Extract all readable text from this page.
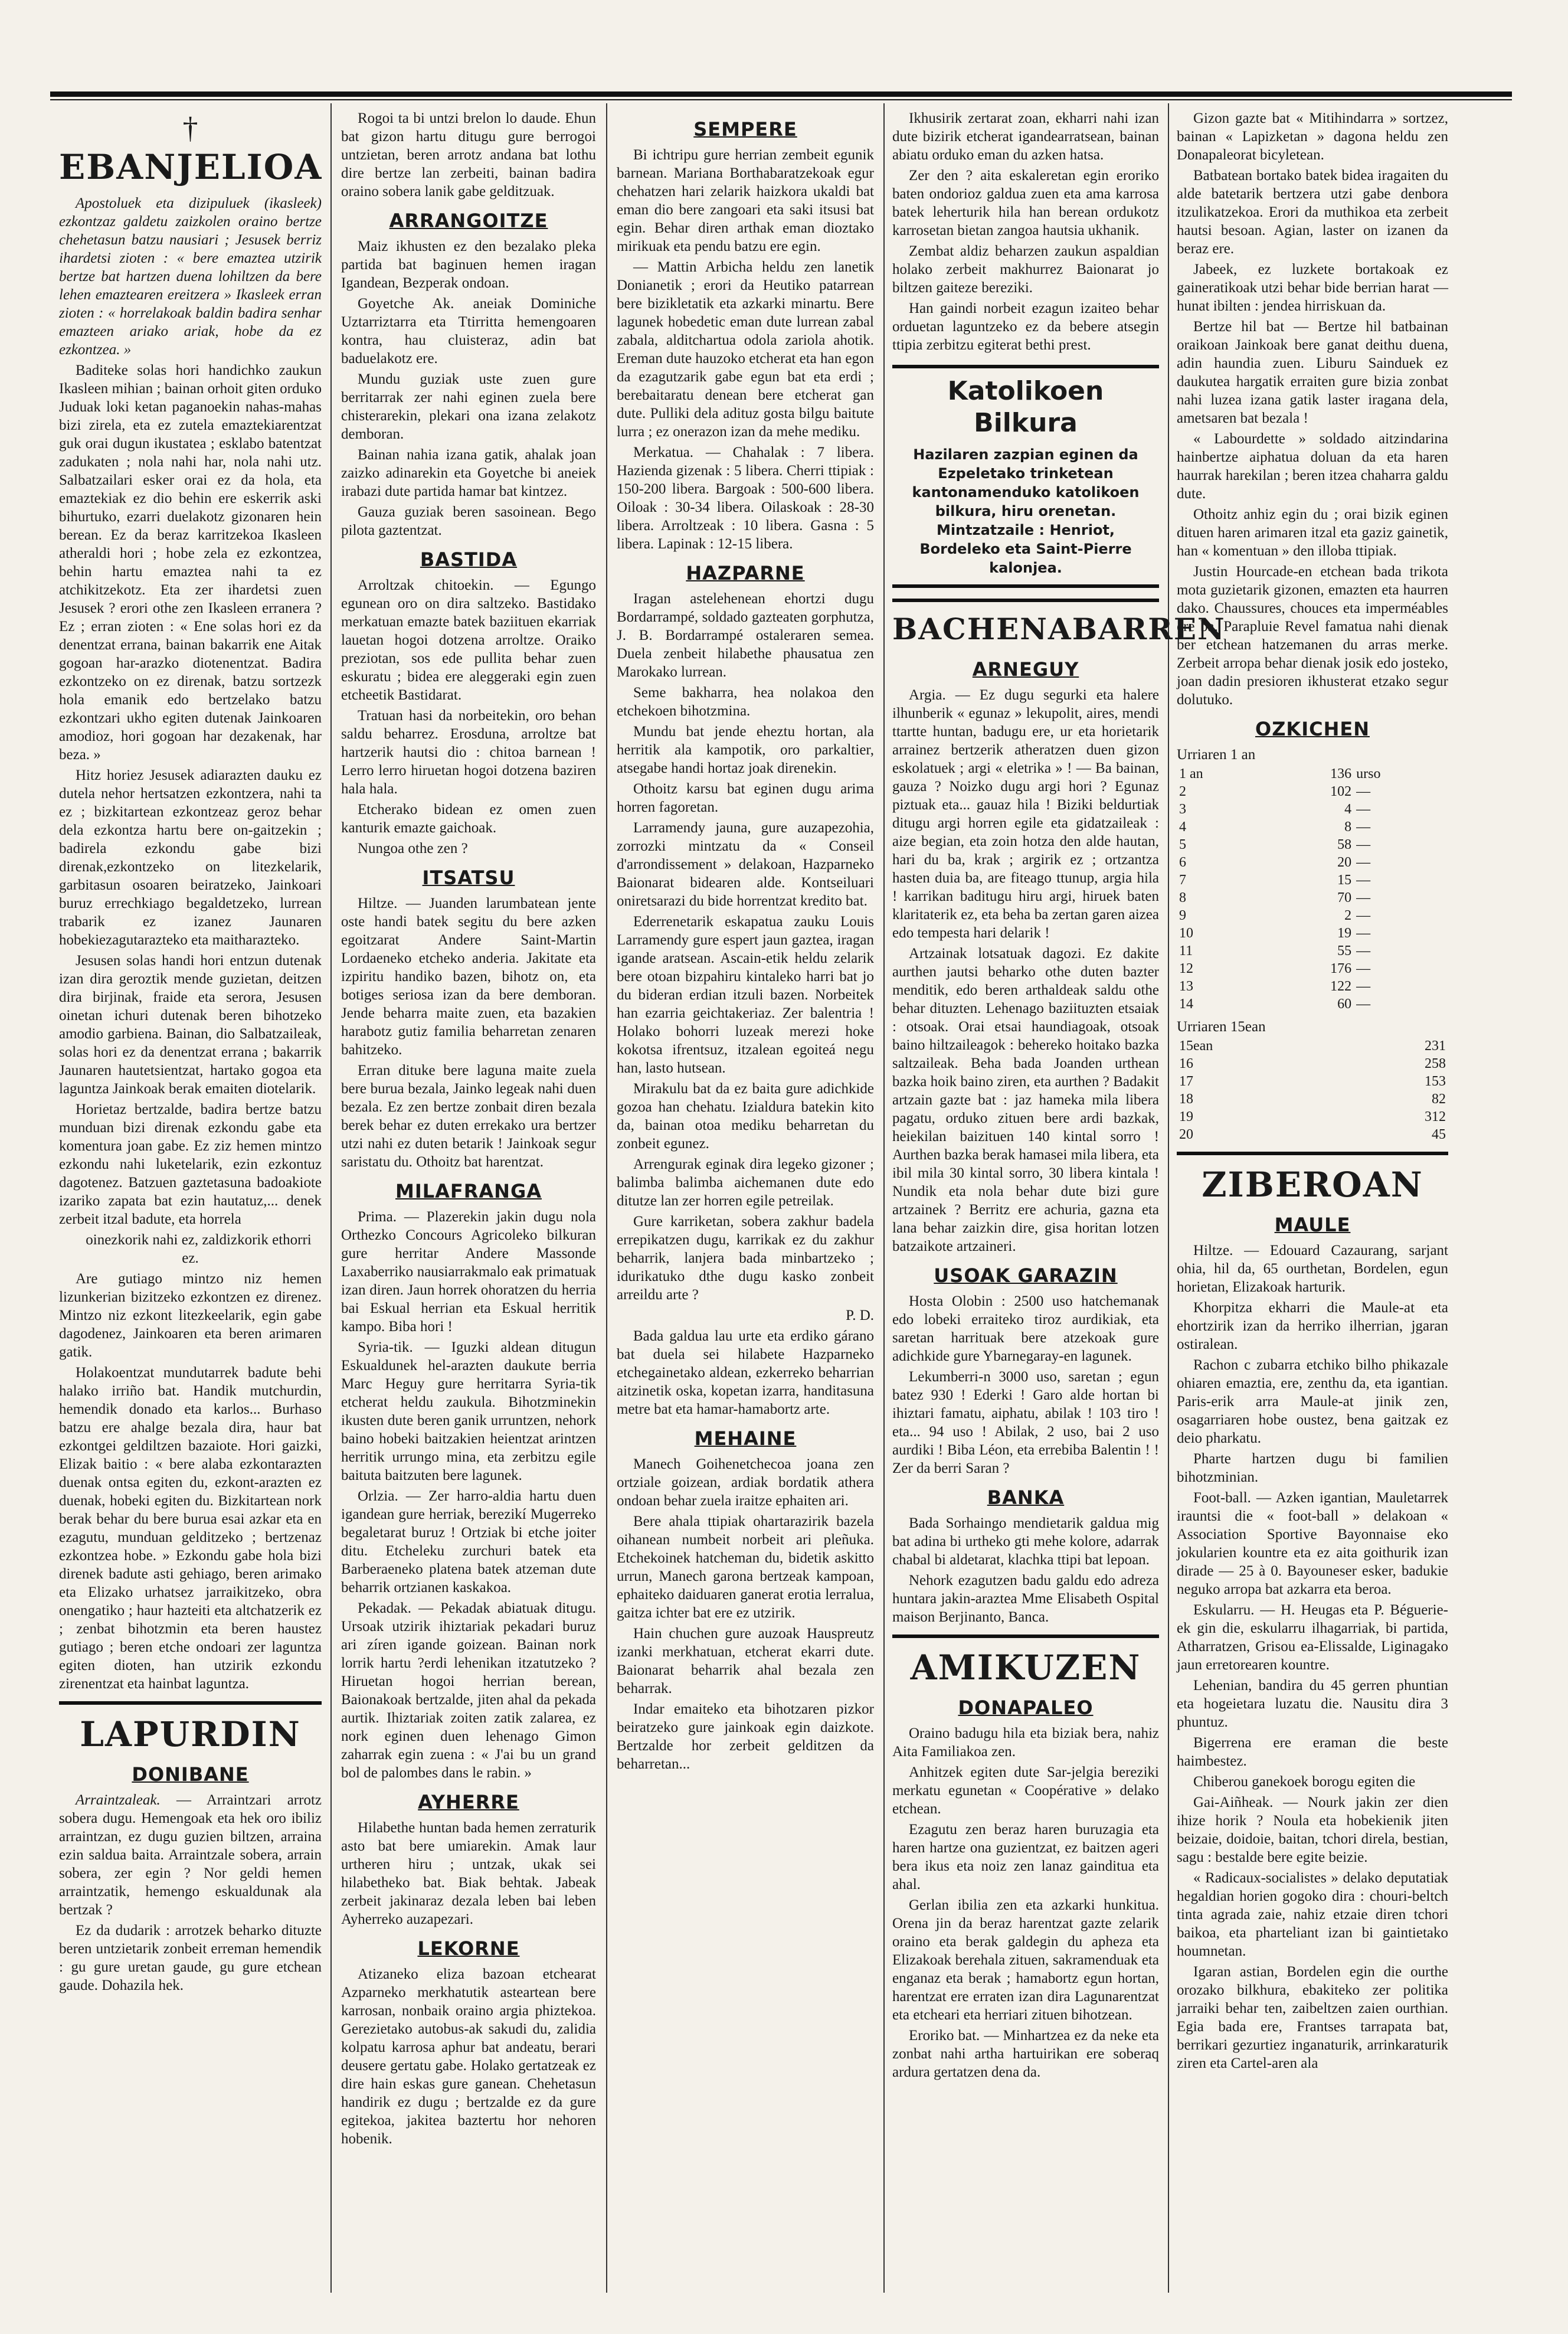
†
EBANJELIOA

Apostoluek eta dizipuluek (ikasleek) ezkontzaz galdetu zaizkolen oraino bertze chehetasun batzu nausiari ; Jesusek berriz ihardetsi zioten : « bere emaztea utzirik bertze bat hartzen duena lohiltzen da bere lehen emaztearen ereitzera » Ikasleek erran zioten : « horrelakoak baldin badira senhar emazteen ariako ariak, hobe da ez ezkontzea. »

Baditeke solas hori handichko zaukun Ikasleen mihian ; bainan orhoit giten orduko Juduak loki ketan paganoekin nahas-mahas bizi zirela, eta ez zutela emaztekiarentzat guk orai dugun ikustatea ; esklabo batentzat zadukaten ; nola nahi har, nola nahi utz. Salbatzailari esker orai ez da hola, eta emaztekiak ez dio behin ere eskerrik aski bihurtuko, ezarri duelakotz gizonaren hein berean. Ez da beraz karritzekoa Ikasleen atheraldi hori ; hobe zela ez ezkontzea, behin hartu emaztea nahi ta ez atchikitzekotz. Eta zer ihardetsi zuen Jesusek ? erori othe zen Ikasleen erranera ? Ez ; erran zioten : « Ene solas hori ez da denentzat errana, bainan bakarrik ene Aitak gogoan har-arazko diotenentzat. Badira ezkontzeko on ez direnak, batzu sortzezk hola emanik edo bertzelako batzu ezkontzari ukho egiten dutenak Jainkoaren amodioz, hori gogoan har dezakenak, har beza. »

Hitz horiez Jesusek adiarazten dauku ez dutela nehor hertsatzen ezkontzera, nahi ta ez ; bizkitartean ezkontzeaz geroz behar dela ezkontza hartu bere on-gaitzekin ; badirela ezkondu gabe bizi direnak,ezkontzeko on litezkelarik, garbitasun osoaren beiratzeko, Jainkoari buruz errechkiago begaldetzeko, lurrean trabarik ez izanez Jaunaren hobekiezagutarazteko eta maitharazteko.

Jesusen solas handi hori entzun dutenak izan dira geroztik mende guzietan, deitzen dira birjinak, fraide eta serora, Jesusen oinetan ichuri dutenak beren bihotzeko amodio garbiena. Bainan, dio Salbatzaileak, solas hori ez da denentzat errana ; bakarrik Jaunaren hautetsientzat, hartako gogoa eta laguntza Jainkoak berak emaiten diotelarik.

Horietaz bertzalde, badira bertze batzu munduan bizi direnak ezkondu gabe eta komentura joan gabe. Ez ziz hemen mintzo ezkondu nahi luketelarik, ezin ezkontuz dagotenez. Batzuen gaztetasuna badoakiote izariko zapata bat ezin hautatuz,... denek zerbeit itzal badute, eta horrela

oinezkorik nahi ez, zaldizkorik ethorri ez.

Are gutiago mintzo niz hemen lizunkerian bizitzeko ezkontzen ez direnez. Mintzo niz ezkont litezkeelarik, egin gabe dagodenez, Jainkoaren eta beren arimaren gatik.

Holakoentzat mundutarrek badute behi halako irriño bat. Handik mutchurdin, hemendik donado eta karlos... Burhaso batzu ere ahalge bezala dira, haur bat ezkontgei geldiltzen bazaiote. Hori gaizki, Elizak baitio : « bere alaba ezkontarazten duenak ontsa egiten du, ezkont-arazten ez duenak, hobeki egiten du. Bizkitartean nork berak behar du bere burua esai azkar eta en ezagutu, munduan gelditzeko ; bertzenaz ezkontzea hobe. » Ezkondu gabe hola bizi direnek badute asti gehiago, beren arimako eta Elizako urhatsez jarraikitzeko, obra onengatiko ; haur hazteiti eta altchatzerik ez ; zenbat bihotzmin eta beren haustez gutiago ; beren etche ondoari zer laguntza egiten dioten, han utzirik ezkondu zirenentzat eta hainbat laguntza.

LAPURDIN
DONIBANE

Arraintzaleak. — Arraintzari arrotz sobera dugu. Hemengoak eta hek oro ibiliz arraintzan, ez dugu guzien biltzen, arraina ezin saldua baita. Arraintzale sobera, arrain sobera, zer egin ? Nor geldi hemen arraintzatik, hemengo eskualdunak ala bertzak ?

Ez da dudarik : arrotzek beharko dituzte beren untzietarik zonbeit erreman hemendik : gu gure uretan gaude, gu gure etchean gaude. Dohazila hek.

Rogoi ta bi untzi brelon lo daude. Ehun bat gizon hartu ditugu gure berrogoi untzietan, beren arrotz andana bat lothu dire bertze lan zerbeiti, bainan badira oraino sobera lanik gabe gelditzuak.

ARRANGOITZE

Maiz ikhusten ez den bezalako pleka partida bat baginuen hemen iragan Igandean, Bezperak ondoan.

Goyetche Ak. aneiak Dominiche Uztarriztarra eta Ttirritta hemengoaren kontra, hau cluisteraz, adin bat baduelakotz ere.

Mundu guziak uste zuen gure berritarrak zer nahi eginen zuela bere chisterarekin, plekari ona izana zelakotz demboran.

Bainan nahia izana gatik, ahalak joan zaizko adinarekin eta Goyetche bi aneiek irabazi dute partida hamar bat kintzez.

Gauza guziak beren sasoinean. Bego pilota gaztentzat.

BASTIDA

Arroltzak chitoekin. — Egungo egunean oro on dira saltzeko. Bastidako merkatuan emazte batek baziituen ekarriak lauetan hogoi dotzena arroltze. Oraiko preziotan, sos ede pullita behar zuen eskuratu ; bidea ere aleggeraki egin zuen etcheetik Bastidarat.

Tratuan hasi da norbeitekin, oro behan saldu beharrez. Erosduna, arroltze bat hartzerik hautsi dio : chitoa barnean ! Lerro lerro hiruetan hogoi dotzena baziren hala hala.

Etcherako bidean ez omen zuen kanturik emazte gaichoak.

Nungoa othe zen ?

ITSATSU

Hiltze. — Juanden larumbatean jente oste handi batek segitu du bere azken egoitzarat Andere Saint-Martin Lordaeneko etcheko anderia. Jakitate eta izpiritu handiko bazen, bihotz on, eta botiges seriosa izan da bere demboran. Jende beharra maite zuen, eta bazakien harabotz gutiz familia beharretan zenaren bahitzeko.

Erran dituke bere laguna maite zuela bere burua bezala, Jainko legeak nahi duen bezala. Ez zen bertze zonbait diren bezala berek behar ez duten errekako ura bertzer utzi nahi ez duten betarik ! Jainkoak segur saristatu du. Othoitz bat harentzat.

MILAFRANGA

Prima. — Plazerekin jakin dugu nola Orthezko Concours Agricoleko bilkuran gure herritar Andere Massonde Laxaberriko nausiarrakmalo eak primatuak izan diren. Jaun horrek ohoratzen du herria bai Eskual herrian eta Eskual herritik kampo. Biba hori !

Syria-tik. — Iguzki aldean ditugun Eskualdunek hel-arazten daukute berria Marc Heguy gure herritarra Syria-tik etcherat heldu zaukula. Bihotzminekin ikusten dute beren ganik urruntzen, nehork baino hobeki baitzakien heientzat arintzen herritik urrungo mina, eta zerbitzu egile baituta baitzuten bere lagunek.

Orlzia. — Zer harro-aldia hartu duen igandean gure herriak, berezikí Mugerreko begaletarat buruz ! Ortziak bi etche joiter ditu. Etcheleku zurchuri batek eta Barberaeneko platena batek atzeman dute beharrik ortzianen kaskakoa.

Pekadak. — Pekadak abiatuak ditugu. Ursoak utzirik ihiztariak pekadari buruz ari zíren igande goizean. Bainan nork lorrik hartu ?erdi lehenikan itzatutzeko ? Hiruetan hogoi herrian berean, Baionakoak bertzalde, jiten ahal da pekada aurtik. Ihiztariak zoiten zatik zalarea, ez nork eginen duen lehenago Gimon zaharrak egin zuena : « J'ai bu un grand bol de palombes dans le rabin. »

AYHERRE

Hilabethe huntan bada hemen zerraturik asto bat bere umiarekin. Amak laur urtheren hiru ; untzak, ukak sei hilabetheko bat. Biak behtak. Jabeak zerbeit jakinaraz dezala leben bai leben Ayherreko auzapezari.

LEKORNE

Atizaneko eliza bazoan etchearat Azparneko merkhatutik asteartean bere karrosan, nonbaik oraino argia phiztekoa. Gerezietako autobus-ak sakudi du, zalidia kolpatu karrosa aphur bat andeatu, berari deusere gertatu gabe. Holako gertatzeak ez dire hain eskas gure ganean. Chehetasun handirik ez dugu ; bertzalde ez da gure egitekoa, jakitea baztertu hor nehoren hobenik.

SEMPERE

Bi ichtripu gure herrian zembeit egunik barnean. Mariana Borthabaratzekoak egur chehatzen hari zelarik haizkora ukaldi bat eman dio bere zangoari eta saki itsusi bat egin. Behar diren arthak eman dioztako mirikuak eta pendu batzu ere egin.

— Mattin Arbicha heldu zen lanetik Donianetik ; erori da Heutiko patarrean bere bizikletatik eta azkarki minartu. Bere lagunek hobedetic eman dute lurrean zabal zabala, alditchartua odola zariola ahotik. Ereman dute hauzoko etcherat eta han egon da ezagutzarik gabe egun bat eta erdi ; berebaitaratu denean bere etcherat gan dute. Pulliki dela adituz gosta bilgu baitute lurra ; ez onerazon izan da mehe mediku.

Merkatua. — Chahalak : 7 libera. Hazienda gizenak : 5 libera. Cherri ttipiak : 150-200 libera. Bargoak : 500-600 libera. Oiloak : 30-34 libera. Oilaskoak : 28-30 libera. Arroltzeak : 10 libera. Gasna : 5 libera. Lapinak : 12-15 libera.

HAZPARNE

Iragan astelehenean ehortzi dugu Bordarrampé, soldado gazteaten gorphutza, J. B. Bordarrampé ostaleraren semea. Duela zenbeit hilabethe phausatua zen Marokako lurrean.

Seme bakharra, hea nolakoa den etchekoen bihotzmina.

Mundu bat jende eheztu hortan, ala herritik ala kampotik, oro parkaltier, atsegabe handi hortaz joak direnekin.

Othoitz karsu bat eginen dugu arima horren fagoretan.

Larramendy jauna, gure auzapezohia, zorrozki mintzatu da « Conseil d'arrondissement » delakoan, Hazparneko Baionarat bidearen alde. Kontseiluari oniretsarazi du bide horrentzat kredito bat.

Ederrenetarik eskapatua zauku Louis Larramendy gure espert jaun gaztea, iragan igande aratsean. Ascain-etik heldu zelarik bere otoan bizpahiru kintaleko harri bat jo du bideran erdian itzuli bazen. Norbeitek han ezarria geichtakeriaz. Zer balentria ! Holako bohorri luzeak merezi hoke kokotsa ifrentsuz, itzalean egoiteá negu han, lasto hutsean.

Mirakulu bat da ez baita gure adichkide gozoa han chehatu. Izialdura batekin kito da, bainan otoa mediku beharretan du zonbeit egunez.

Arrengurak eginak dira legeko gizoner ; balimba balimba aichemanen dute edo ditutze lan zer horren egile petreilak.

Gure karriketan, sobera zakhur badela errepikatzen dugu, karrikak ez du zakhur beharrik, lanjera bada minbartzeko ; idurikatuko dthe dugu kasko zonbeit arreildu arte ?

P. D.

Bada galdua lau urte eta erdiko gárano bat duela sei hilabete Hazparneko etchegainetako aldean, ezkerreko beharrian aitzinetik oska, kopetan izarra, handitasuna metre bat eta hamar-hamabortz arte.

MEHAINE

Manech Goihenetchecoa joana zen ortziale goizean, ardiak bordatik athera ondoan behar zuela iraitze ephaiten ari.

Bere ahala ttipiak ohartarazirik bazela oihanean numbeit norbeit ari pleñuka. Etchekoinek hatcheman du, bidetik askitto urrun, Manech garona bertzeak kampoan, ephaiteko daiduaren ganerat erotia lerralua, gaitza ichter bat ere ez utzirik.

Hain chuchen gure auzoak Hauspreutz izanki merkhatuan, etcherat ekarri dute. Baionarat beharrik ahal bezala zen beharrak.

Indar emaiteko eta bihotzaren pizkor beiratzeko gure jainkoak egin daizkote. Bertzalde hor zerbeit gelditzen da beharretan...

Ikhusirik zertarat zoan, ekharri nahi izan dute bizirik etcherat igandearratsean, bainan abiatu orduko eman du azken hatsa.

Zer den ? aita eskaleretan egin eroriko baten ondorioz galdua zuen eta ama karrosa batek leherturik hila han berean ordukotz karrosetan bietan zangoa hautsia ukhanik.

Zembat aldiz beharzen zaukun aspaldian holako zerbeit makhurrez Baionarat jo biltzen gaiteze bereziki.

Han gaindi norbeit ezagun izaiteo behar orduetan laguntzeko ez da bebere atsegin ttipia zerbitzu egiterat bethi prest.

Katolikoen Bilkura
Hazilaren zazpian eginen da Ezpeletako trinketean kantonamenduko katolikoen bilkura, hiru orenetan.
Mintzatzaile : Henriot, Bordeleko eta Saint-Pierre kalonjea.
BACHENABARREN
ARNEGUY

Argia. — Ez dugu segurki eta halere ilhunberik « egunaz » lekupolit, aires, mendi ttartte huntan, badugu ere, ur eta horietarik arrainez bertzerik atheratzen duen gizon eskolatuek ; argi « eletrika » ! — Ba bainan, gauza ? Noizko dugu argi hori ? Egunaz piztuak eta... gauaz hila ! Biziki beldurtiak ditugu argi horren egile eta gidatzaileak : aize begian, eta zoin hotza den alde hautan, hari du ba, krak ; argirik ez ; ortzantza hasten duia ba, are fiteago ttunup, argia hila ! karrikan baditugu hiru argi, hiruek baten klaritaterik ez, eta beha ba zertan garen aizea edo tempesta hari delarik !

Artzainak lotsatuak dagozi. Ez dakite aurthen jautsi beharko othe duten bazter menditik, edo beren arthaldeak saldu othe behar dituzten. Lehenago baziituzten etsaiak : otsoak. Orai etsai haundiagoak, otsoak baino hiltzaileagok : behereko hoitako bazka saltzaileak. Beha bada Joanden urthean bazka hoik baino ziren, eta aurthen ? Badakit artzain gazte bat : jaz hameka mila libera pagatu, orduko zituen bere ardi bazkak, heiekilan baizituen 140 kintal sorro ! Aurthen bazka berak hamasei mila libera, eta ibil mila 30 kintal sorro, 30 libera kintala ! Nundik eta nola behar dute bizi gure artzainek ? Berritz ere achuria, gazna eta lana behar zaizkin dire, gisa horitan lotzen batzaikote artzaineri.

USOAK GARAZIN

Hosta Olobin : 2500 uso hatchemanak edo lobeki erraiteko tiroz aurdikiak, eta saretan harrituak bere atzekoak gure adichkide gure Ybarnegaray-en lagunek.

Lekumberri-n 3000 uso, saretan ; egun batez 930 ! Ederki ! Garo alde hortan bi ihiztari famatu, aiphatu, abilak ! 103 tiro ! eta... 94 uso ! Abilak, 2 uso, bai 2 uso aurdiki ! Biba Léon, eta errebiba Balentin ! ! Zer da berri Saran ?

BANKA

Bada Sorhaingo mendietarik galdua mig bat adina bi urtheko gti mehe kolore, adarrak chabal bi aldetarat, klachka ttipi bat lepoan.

Nehork ezagutzen badu galdu edo adreza huntara jakin-araztea Mme Elisabeth Ospital maison Berjinanto, Banca.

AMIKUZEN
DONAPALEO

Oraino badugu hila eta biziak bera, nahiz Aita Familiakoa zen.

Anhitzek egiten dute Sar-jelgia bereziki merkatu egunetan « Coopérative » delako etchean.

Ezagutu zen beraz haren buruzagia eta haren hartze ona guzientzat, ez baitzen ageri bera ikus eta noiz zen lanaz gainditua eta ahal.

Gerlan ibilia zen eta azkarki hunkitua. Orena jin da beraz harentzat gazte zelarik oraino eta berak galdegin du apheza eta Elizakoak berehala zituen, sakramenduak eta enganaz eta berak ; hamabortz egun hortan, harentzat ere erraten izan dira Lagunarentzat eta etcheari eta herriari zituen bihotzean.

Eroriko bat. — Minhartzea ez da neke eta zonbat nahi artha hartuirikan ere soberaq ardura gertatzen dena da.

Gizon gazte bat « Mitihindarra » sortzez, bainan « Lapizketan » dagona heldu zen Donapaleorat bicyletean.

Batbatean bortako batek bidea iragaiten du alde batetarik bertzera utzi gabe denbora itzulikatzekoa. Erori da muthikoa eta zerbeit hautsi besoan. Agian, laster on izanen da beraz ere.

Jabeek, ez luzkete bortakoak ez gaineratikoak utzi behar bide berrian harat — hunat ibilten : jendea hirriskuan da.

Bertze hil bat — Bertze hil batbainan oraikoan Jainkoak bere ganat deithu duena, adin haundia zuen. Liburu Sainduek ez daukutea hargatik erraiten gure bizia zonbat nahi luzea izana gatik laster iragana dela, ametsaren bat bezala !

« Labourdette » soldado aitzindarina hainbertze aiphatua doluan da eta haren haurrak harekilan ; beren itzea chaharra galdu dute.

Othoitz anhiz egin du ; orai bizik eginen dituen haren arimaren itzal eta gaziz gainetik, han « komentuan » den illoba ttipiak.

Justin Hourcade-en etchean bada trikota mota guzietarik gizonen, emazten eta haurren dako. Chaussures, chouces eta imperméables ere ba. Parapluie Revel famatua nahi dienak ber etchean hatzemanen du arras merke. Zerbeit arropa behar dienak josik edo josteko, joan dadin presioren ikhusterat etzako segur dolutuko.

OZKICHEN
Urriaren 1 an
1 an	136	urso
2	102	—
3	4	—
4	8	—
5	58	—
6	20	—
7	15	—
8	70	—
9	2	—
10	19	—
11	55	—
12	176	—
13	122	—
14	60	—
Urriaren 15ean
15ean	231
16	258
17	153
18	82
19	312
20	45
ZIBEROAN
MAULE

Hiltze. — Edouard Cazaurang, sarjant ohia, hil da, 65 ourthetan, Bordelen, egun horietan, Elizakoak harturik.

Khorpitza ekharri die Maule-at eta ehortzirik izan da herriko ilherrian, jgaran ostiralean.

Rachon c zubarra etchiko bilho phikazale ohiaren emaztia, ere, zenthu da, eta igantian. Paris-erik arra Maule-at jinik zen, osagarriaren hobe oustez, bena gaitzak ez deio pharkatu.

Pharte hartzen dugu bi familien bihotzminian.

Foot-ball. — Azken igantian, Mauletarrek irauntsi die « foot-ball » delakoan « Association Sportive Bayonnaise eko jokularien kountre eta ez aita goithurik izan dirade — 25 à 0. Bayouneser esker, badukie neguko arropa bat azkarra eta beroa.

Eskularru. — H. Heugas eta P. Béguerie-ek gin die, eskularru ilhagarriak, bi partida, Atharratzen, Grisou ea-Elissalde, Liginagako jaun erretorearen kountre.

Lehenian, bandira du 45 gerren phuntian eta hogeietara luzatu die. Nausitu dira 3 phuntuz.

Bigerrena ere eraman die beste haimbestez.

Chiberou ganekoek borogu egiten die

Gai-Aiñheak. — Nourk jakin zer dien ihize horik ? Noula eta hobekienik jiten beizaie, doidoie, baitan, tchori direla, bestian, sagu : bestalde bere egite beizie.

« Radicaux-socialistes » delako deputatiak hegaldian horien gogoko dira : chouri-beltch tinta agrada zaie, nahiz etzaie diren tchori baikoa, eta pharteliant izan bi gaintietako houmnetan.

Igaran astian, Bordelen egin die ourthe orozako bilkhura, ebakiteko zer politika jarraiki behar ten, zaibeltzen zaien ourthian. Egia bada ere, Frantses tarrapata bat, berrikari gezurtiez inganaturik, arrinkaraturik ziren eta Cartel-aren ala
